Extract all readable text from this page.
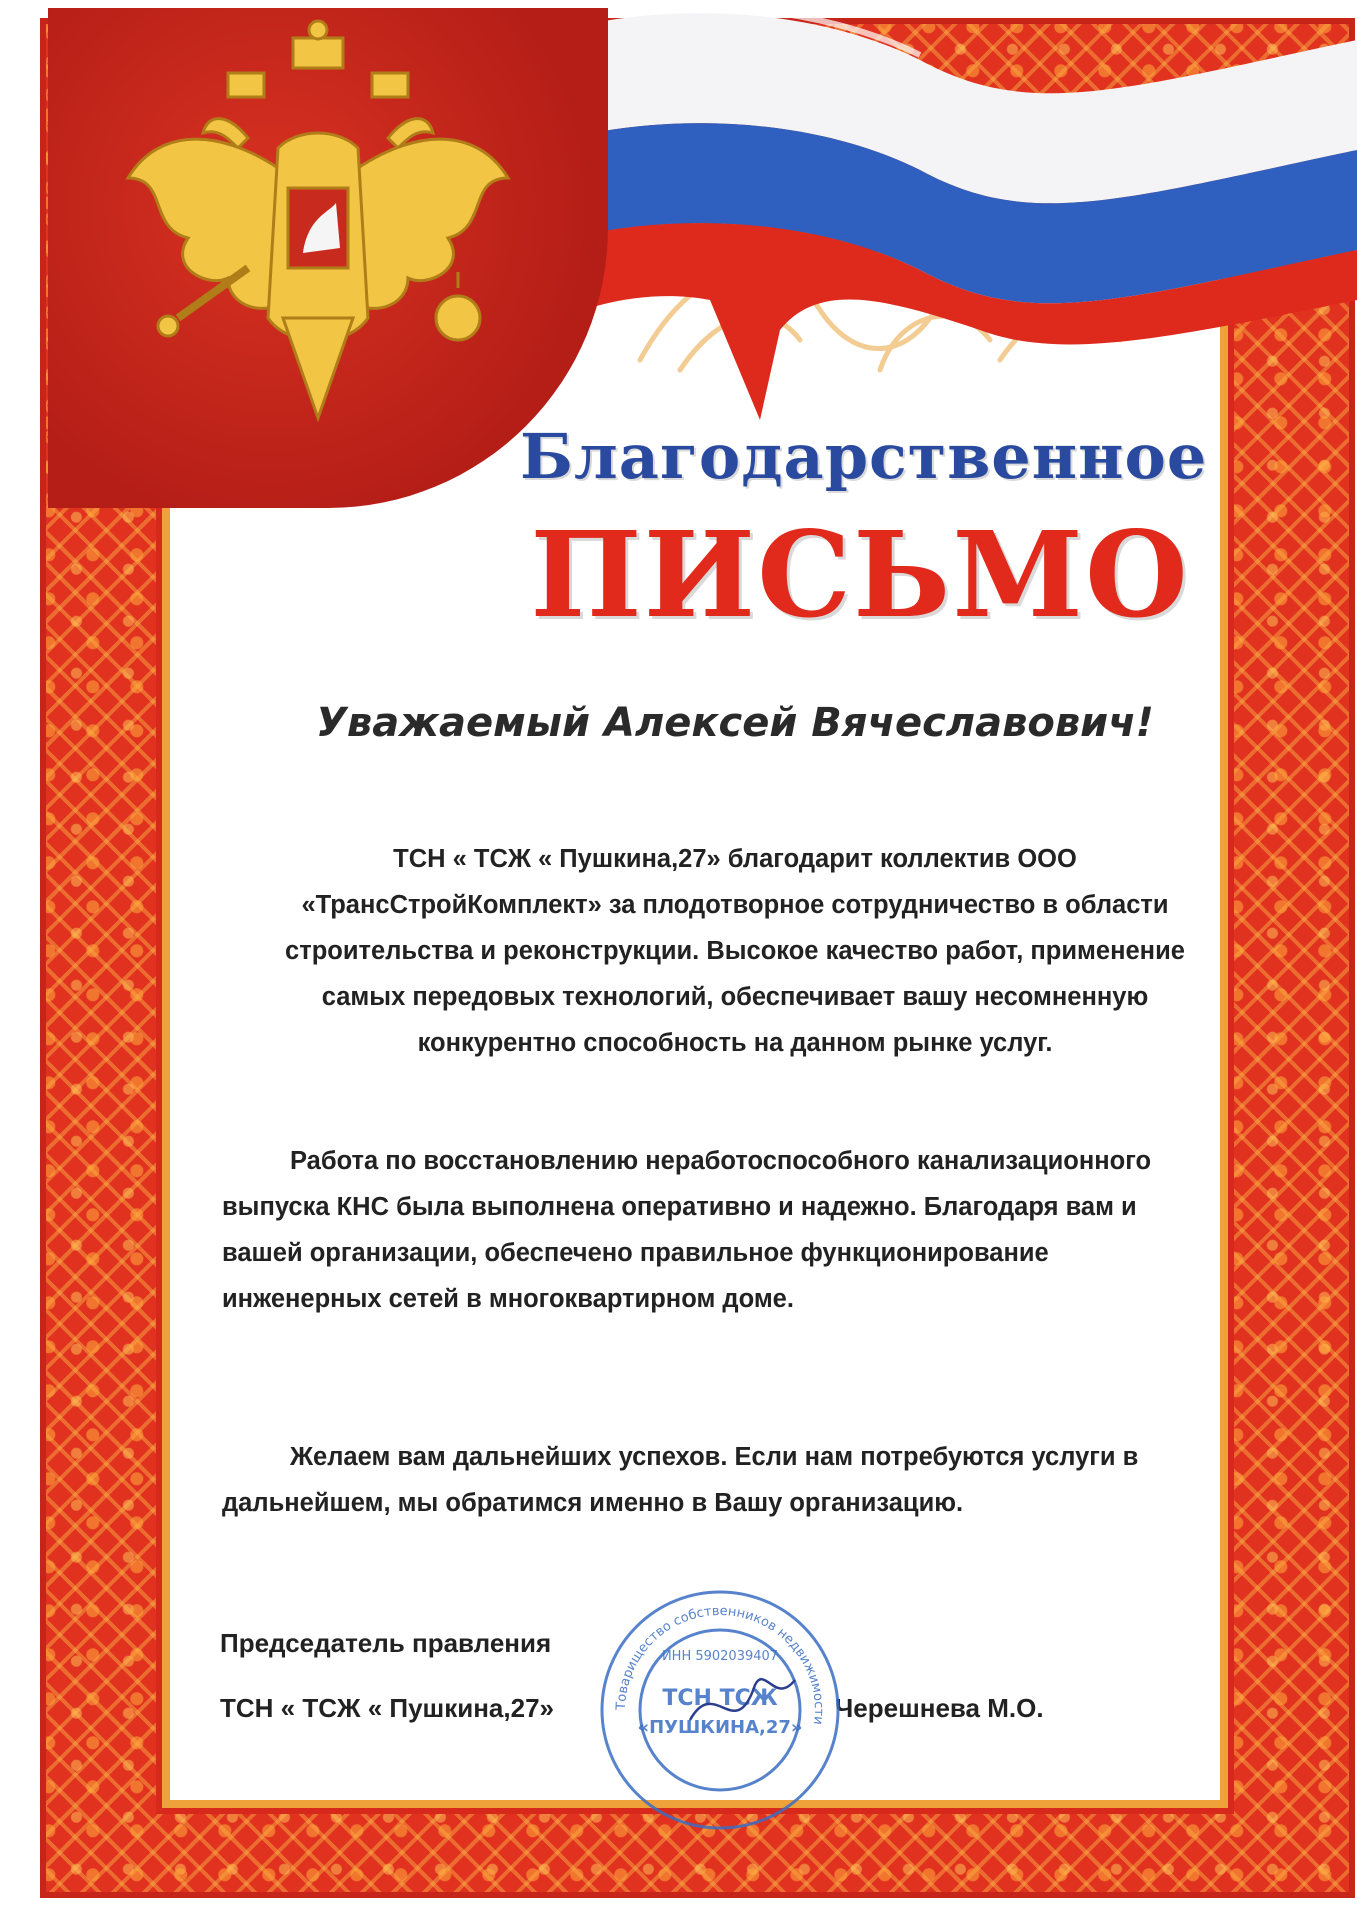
Благодарственное
ПИСЬМО
Уважаемый Алексей Вячеславович!

ТСН « ТСЖ « Пушкина,27» благодарит коллектив ООО «ТрансСтройКомплект» за плодотворное сотрудничество в области строительства и реконструкции. Высокое качество работ, применение самых передовых технологий, обеспечивает вашу несомненную конкурентно способность на данном рынке услуг.

Работа по восстановлению неработоспособного канализационного выпуска КНС была выполнена оперативно и надежно. Благодаря вам и вашей организации, обеспечено правильное функционирование инженерных сетей в многоквартирном доме.

Желаем вам дальнейших успехов. Если нам потребуются услуги в дальнейшем, мы обратимся именно в Вашу организацию.

Председатель правления
ТСН « ТСЖ « Пушкина,27»	Черешнева М.О.
Товарищество собственников недвижимости
ИНН 5902039407
ТСН ТСЖ
«ПУШКИНА,27»
